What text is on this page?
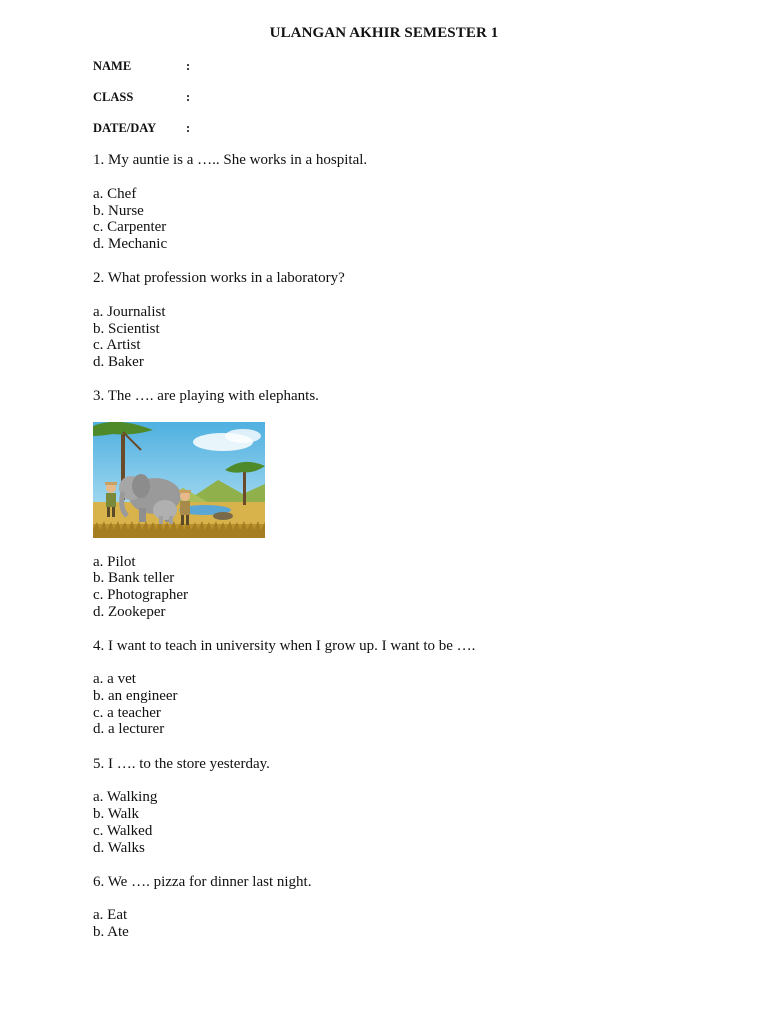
ULANGAN AKHIR SEMESTER 1
NAME	:
CLASS	:
DATE/DAY :
1. My auntie is a ….. She works in a hospital.
a. Chef
b. Nurse
c. Carpenter
d. Mechanic
2. What profession works in a laboratory?
a. Journalist
b. Scientist
c. Artist
d. Baker
3. The …. are playing with elephants.
a. Pilot
b. Bank teller
c. Photographer
d. Zookeper
4. I want to teach in university when I grow up. I want to be ….
a. a vet
b. an engineer
c. a teacher
d. a lecturer
5. I …. to the store yesterday.
a. Walking
b. Walk
c. Walked
d. Walks
6. We …. pizza for dinner last night.
a. Eat
b. Ate
